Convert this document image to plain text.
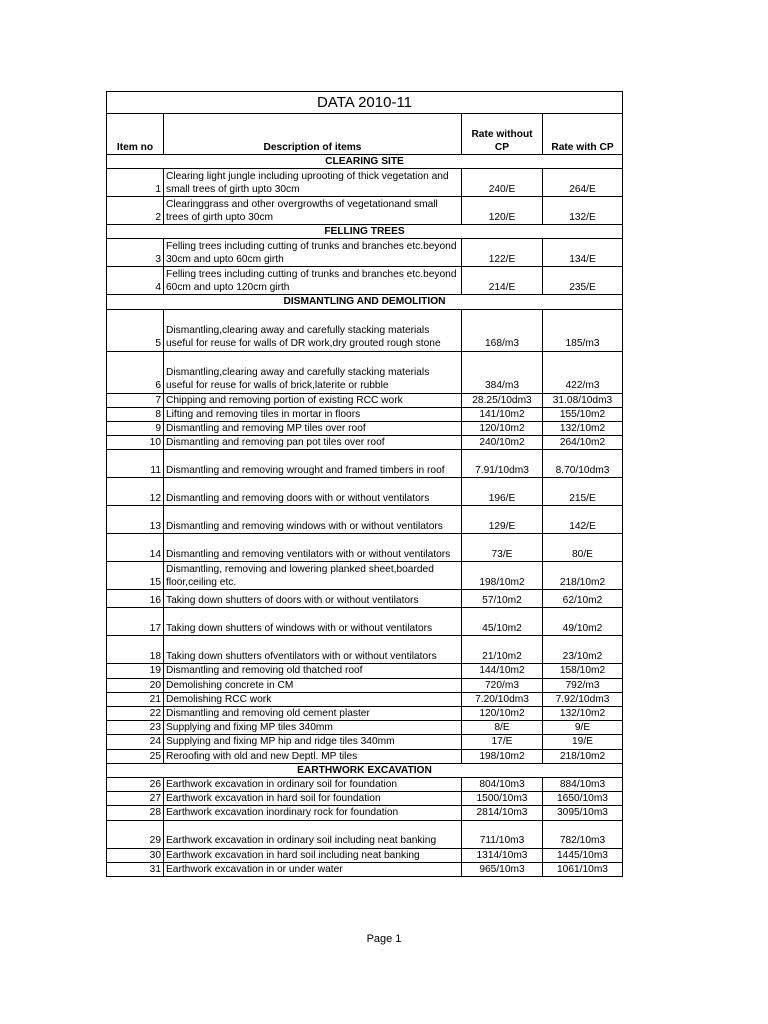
DATA 2010-11			
Item no	Description of items	Rate without CP	Rate with CP
CLEARING SITE			
1	Clearing light jungle including uprooting of thick vegetation and small trees of girth upto 30cm	240/E	264/E
2	Clearinggrass and other overgrowths of vegetationand small trees of girth upto 30cm	120/E	132/E
FELLING TREES			
3	Felling trees including cutting of trunks and branches etc.beyond 30cm and upto 60cm girth	122/E	134/E
4	Felling trees including cutting of trunks and branches etc.beyond 60cm and upto 120cm girth	214/E	235/E
DISMANTLING AND DEMOLITION			
5	Dismantling,clearing away and carefully stacking materials useful for reuse for walls of DR work,dry grouted rough stone	168/m3	185/m3
6	Dismantling,clearing away and carefully stacking materials useful for reuse for walls of brick,laterite or rubble	384/m3	422/m3
7	Chipping and removing portion of existing RCC work	28.25/10dm3	31.08/10dm3
8	Lifting and removing tiles in mortar in floors	141/10m2	155/10m2
9	Dismantling and removing MP tiles over roof	120/10m2	132/10m2
10	Dismantling and removing pan pot tiles over roof	240/10m2	264/10m2
11	Dismantling and removing wrought and framed timbers in roof	7.91/10dm3	8.70/10dm3
12	Dismantling and removing doors with or without ventilators	196/E	215/E
13	Dismantling and removing windows with or without ventilators	129/E	142/E
14	Dismantling and removing ventilators with or without ventilators	73/E	80/E
15	Dismantling, removing and lowering planked sheet,boarded floor,ceiling etc.	198/10m2	218/10m2
16	Taking down shutters of doors with or without ventilators	57/10m2	62/10m2
17	Taking down shutters of windows with or without ventilators	45/10m2	49/10m2
18	Taking down shutters ofventilators with or without ventilators	21/10m2	23/10m2
19	Dismantling and removing old thatched roof	144/10m2	158/10m2
20	Demolishing concrete in CM	720/m3	792/m3
21	Demolishing RCC work	7.20/10dm3	7.92/10dm3
22	Dismantling and removing old cement plaster	120/10m2	132/10m2
23	Supplying and fixing MP tiles 340mm	8/E	9/E
24	Supplying and fixing MP hip and ridge tiles 340mm	17/E	19/E
25	Reroofing with old and new Deptl. MP tiles	198/10m2	218/10m2
EARTHWORK EXCAVATION			
26	Earthwork excavation in ordinary soil for foundation	804/10m3	884/10m3
27	Earthwork excavation in hard soil for foundation	1500/10m3	1650/10m3
28	Earthwork excavation inordinary rock for foundation	2814/10m3	3095/10m3
29	Earthwork excavation in ordinary soil including neat banking	711/10m3	782/10m3
30	Earthwork excavation in hard soil including neat banking	1314/10m3	1445/10m3
31	Earthwork excavation in or under water	965/10m3	1061/10m3
Page 1
